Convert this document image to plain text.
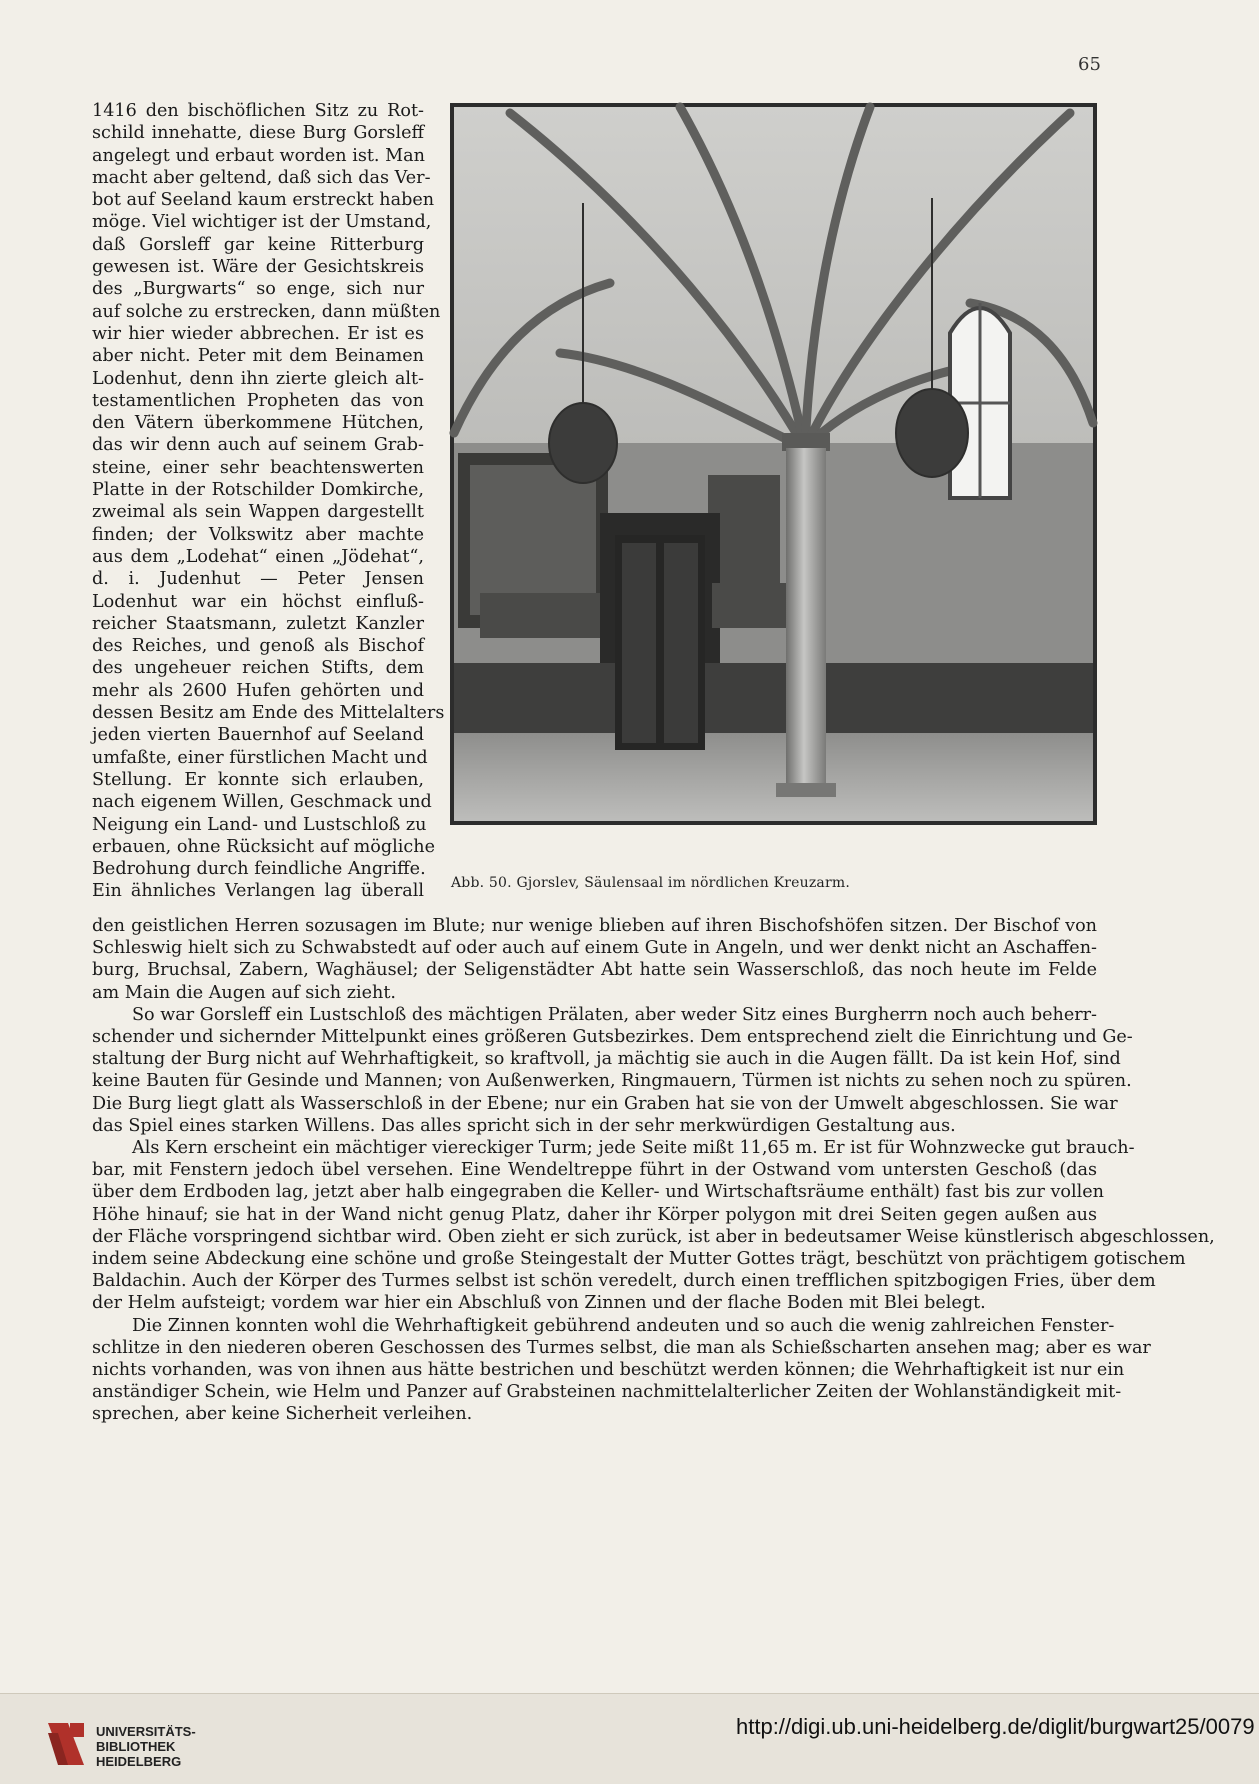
65
1416 den bischöflichen Sitz zu Rot-
schild innehatte, diese Burg Gorsleff
angelegt und erbaut worden ist. Man
macht aber geltend, daß sich das Ver-
bot auf Seeland kaum erstreckt haben
möge. Viel wichtiger ist der Umstand,
daß Gorsleff gar keine Ritterburg
gewesen ist. Wäre der Gesichtskreis
des „Burgwarts“ so enge, sich nur
auf solche zu erstrecken, dann müßten
wir hier wieder abbrechen. Er ist es
aber nicht. Peter mit dem Beinamen
Lodenhut, denn ihn zierte gleich alt-
testamentlichen Propheten das von
den Vätern überkommene Hütchen,
das wir denn auch auf seinem Grab-
steine, einer sehr beachtenswerten
Platte in der Rotschilder Domkirche,
zweimal als sein Wappen dargestellt
finden; der Volkswitz aber machte
aus dem „Lodehat“ einen „Jödehat“,
d. i. Judenhut — Peter Jensen
Lodenhut war ein höchst einfluß-
reicher Staatsmann, zuletzt Kanzler
des Reiches, und genoß als Bischof
des ungeheuer reichen Stifts, dem
mehr als 2600 Hufen gehörten und
dessen Besitz am Ende des Mittelalters
jeden vierten Bauernhof auf Seeland
umfaßte, einer fürstlichen Macht und
Stellung. Er konnte sich erlauben,
nach eigenem Willen, Geschmack und
Neigung ein Land- und Lustschloß zu
erbauen, ohne Rücksicht auf mögliche
Bedrohung durch feindliche Angriffe.
Ein ähnliches Verlangen lag überall Abb. 50. Gjorslev, Säulensaal im nördlichen Kreuzarm.
den geistlichen Herren sozusagen im Blute; nur wenige blieben auf ihren Bischofshöfen sitzen. Der Bischof von
Schleswig hielt sich zu Schwabstedt auf oder auch auf einem Gute in Angeln, und wer denkt nicht an Aschaffen-
burg, Bruchsal, Zabern, Waghäusel; der Seligenstädter Abt hatte sein Wasserschloß, das noch heute im Felde
am Main die Augen auf sich zieht.
So war Gorsleff ein Lustschloß des mächtigen Prälaten, aber weder Sitz eines Burgherrn noch auch beherr-
schender und sichernder Mittelpunkt eines größeren Gutsbezirkes. Dem entsprechend zielt die Einrichtung und Ge-
staltung der Burg nicht auf Wehrhaftigkeit, so kraftvoll, ja mächtig sie auch in die Augen fällt. Da ist kein Hof, sind
keine Bauten für Gesinde und Mannen; von Außenwerken, Ringmauern, Türmen ist nichts zu sehen noch zu spüren.
Die Burg liegt glatt als Wasserschloß in der Ebene; nur ein Graben hat sie von der Umwelt abgeschlossen. Sie war
das Spiel eines starken Willens. Das alles spricht sich in der sehr merkwürdigen Gestaltung aus.
Als Kern erscheint ein mächtiger viereckiger Turm; jede Seite mißt 11,65 m. Er ist für Wohnzwecke gut brauch-
bar, mit Fenstern jedoch übel versehen. Eine Wendeltreppe führt in der Ostwand vom untersten Geschoß (das
über dem Erdboden lag, jetzt aber halb eingegraben die Keller- und Wirtschaftsräume enthält) fast bis zur vollen
Höhe hinauf; sie hat in der Wand nicht genug Platz, daher ihr Körper polygon mit drei Seiten gegen außen aus
der Fläche vorspringend sichtbar wird. Oben zieht er sich zurück, ist aber in bedeutsamer Weise künstlerisch abgeschlossen,
indem seine Abdeckung eine schöne und große Steingestalt der Mutter Gottes trägt, beschützt von prächtigem gotischem
Baldachin. Auch der Körper des Turmes selbst ist schön veredelt, durch einen trefflichen spitzbogigen Fries, über dem
der Helm aufsteigt; vordem war hier ein Abschluß von Zinnen und der flache Boden mit Blei belegt.
Die Zinnen konnten wohl die Wehrhaftigkeit gebührend andeuten und so auch die wenig zahlreichen Fenster-
schlitze in den niederen oberen Geschossen des Turmes selbst, die man als Schießscharten ansehen mag; aber es war
nichts vorhanden, was von ihnen aus hätte bestrichen und beschützt werden können; die Wehrhaftigkeit ist nur ein
anständiger Schein, wie Helm und Panzer auf Grabsteinen nachmittelalterlicher Zeiten der Wohlanständigkeit mit-
sprechen, aber keine Sicherheit verleihen.
UNIVERSITÄTS-
BIBLIOTHEK
HEIDELBERG
http://digi.ub.uni-heidelberg.de/diglit/burgwart25/0079
